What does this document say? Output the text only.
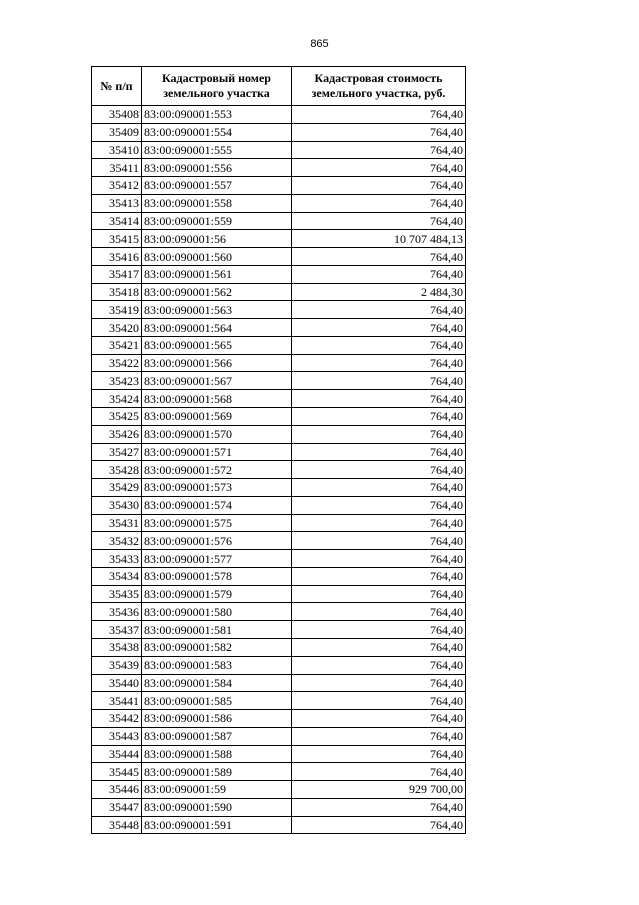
865
№ п/п	Кадастровый номер земельного участка	Кадастровая стоимость земельного участка, руб.
35408	83:00:090001:553	764,40
35409	83:00:090001:554	764,40
35410	83:00:090001:555	764,40
35411	83:00:090001:556	764,40
35412	83:00:090001:557	764,40
35413	83:00:090001:558	764,40
35414	83:00:090001:559	764,40
35415	83:00:090001:56	10 707 484,13
35416	83:00:090001:560	764,40
35417	83:00:090001:561	764,40
35418	83:00:090001:562	2 484,30
35419	83:00:090001:563	764,40
35420	83:00:090001:564	764,40
35421	83:00:090001:565	764,40
35422	83:00:090001:566	764,40
35423	83:00:090001:567	764,40
35424	83:00:090001:568	764,40
35425	83:00:090001:569	764,40
35426	83:00:090001:570	764,40
35427	83:00:090001:571	764,40
35428	83:00:090001:572	764,40
35429	83:00:090001:573	764,40
35430	83:00:090001:574	764,40
35431	83:00:090001:575	764,40
35432	83:00:090001:576	764,40
35433	83:00:090001:577	764,40
35434	83:00:090001:578	764,40
35435	83:00:090001:579	764,40
35436	83:00:090001:580	764,40
35437	83:00:090001:581	764,40
35438	83:00:090001:582	764,40
35439	83:00:090001:583	764,40
35440	83:00:090001:584	764,40
35441	83:00:090001:585	764,40
35442	83:00:090001:586	764,40
35443	83:00:090001:587	764,40
35444	83:00:090001:588	764,40
35445	83:00:090001:589	764,40
35446	83:00:090001:59	929 700,00
35447	83:00:090001:590	764,40
35448	83:00:090001:591	764,40
